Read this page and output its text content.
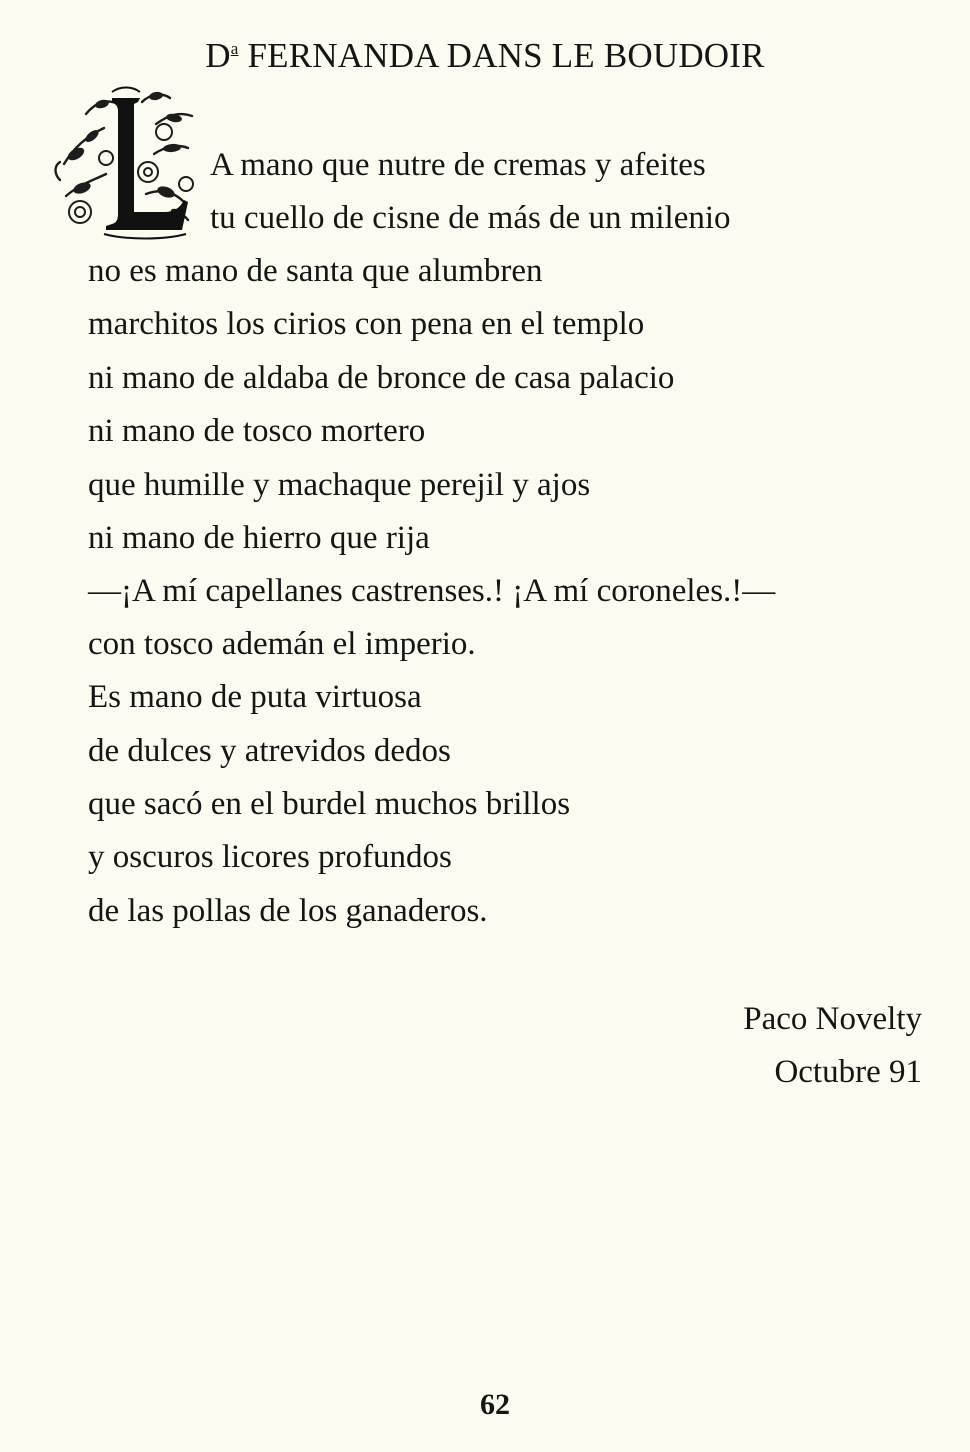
$D^a$ FERNANDA DANS LE BOUDOIR
A mano que nutre de cremas y afeites
tu cuello de cisne de más de un milenio
no es mano de santa que alumbren
marchitos los cirios con pena en el templo
ni mano de aldaba de bronce de casa palacio
ni mano de tosco mortero
que humille y machaque perejil y ajos
ni mano de hierro que rija
—¡A mí capellanes castrenses.! ¡A mí coroneles.!—
con tosco ademán el imperio.
Es mano de puta virtuosa
de dulces y atrevidos dedos
que sacó en el burdel muchos brillos
y oscuros licores profundos
de las pollas de los ganaderos.
Paco Novelty
Octubre 91
62
